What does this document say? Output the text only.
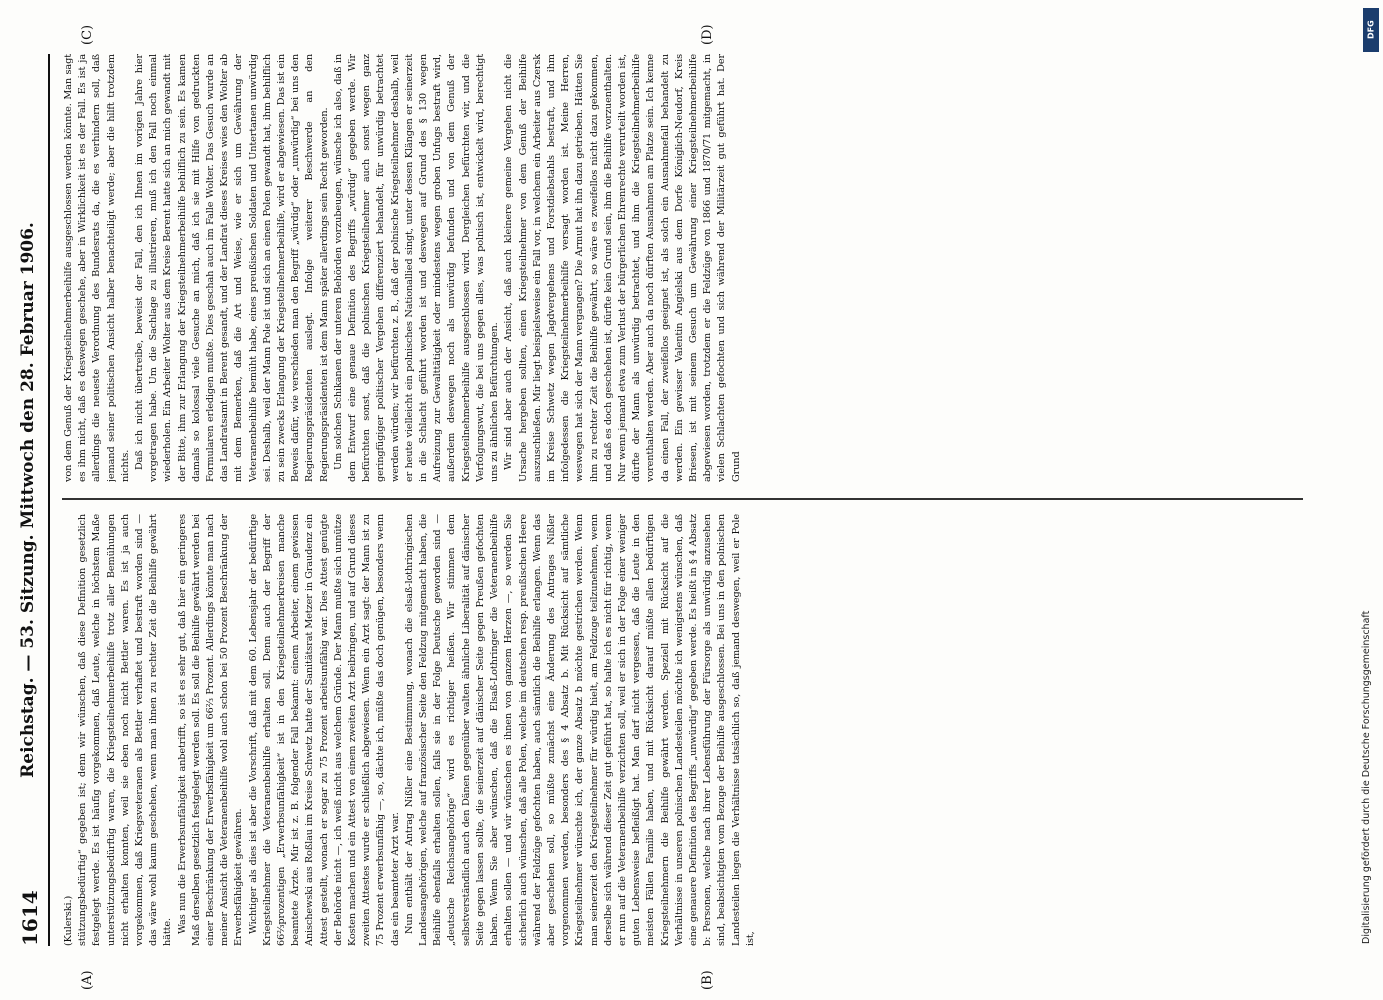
1614
Reichstag. — 53. Sitzung. Mittwoch den 28. Februar 1906.
(A)	(B)
(C)	(D)

(Kulerski.) stützungsbedürftig“ gegeben ist; denn wir wünschen, daß diese Definition gesetzlich festgelegt werde. Es ist häufig vorgekommen, daß Leute, welche in höchstem Maße unterstützungsbedürftig waren, die Kriegsteilnehmerbeihilfe trotz aller Bemühungen nicht erhalten konnten, weil sie eben noch nicht Bettler waren. Es ist ja auch vorgekommen, daß Kriegsveteranen als Bettler verhaftet und bestraft worden sind — das wäre wohl kaum geschehen, wenn man ihnen zu rechter Zeit die Beihilfe gewährt hätte. Was nun die Erwerbsunfähigkeit anbetrifft, so ist es sehr gut, daß hier ein geringeres Maß derselben gesetzlich festgelegt werden soll. Es soll die Beihilfe gewährt werden bei einer Beschränkung der Erwerbsfähigkeit um 66⅔ Prozent. Allerdings könnte man nach meiner Ansicht die Veteranenbeihilfe wohl auch schon bei 50 Prozent Beschränkung der Erwerbsfähigkeit gewähren. Wichtiger als dies ist aber die Vorschrift, daß mit dem 60. Lebensjahr der bedürftige Kriegsteilnehmer die Veteranenbeihilfe erhalten soll. Denn auch der Begriff der 66⅔prozentigen „Erwerbsunfähigkeit“ ist in den Kriegsteilnehmerkreisen manche beamtete Ärzte. Mir ist z. B. folgender Fall bekannt: einem Arbeiter, einem gewissen Anischewski aus Roßlau im Kreise Schwetz hatte der Sanitätsrat Metzer in Graudenz ein Attest gestellt, wonach er sogar zu 75 Prozent arbeitsunfähig war. Dies Attest genügte der Behörde nicht —, ich weiß nicht aus welchem Gründe. Der Mann mußte sich unnütze Kosten machen und ein Attest von einem zweiten Arzt beibringen, und auf Grund dieses zweiten Attestes wurde er schließlich abgewiesen. Wenn ein Arzt sagt: der Mann ist zu 75 Prozent erwerbsunfähig —, so, dächte ich, müßte das doch genügen, besonders wenn das ein beamteter Arzt war. Nun enthält der Antrag Nißler eine Bestimmung, wonach die elsaß-lothringischen Landesangehörigen, welche auf französischer Seite den Feldzug mitgemacht haben, die Beihilfe ebenfalls erhalten sollen, falls sie in der Folge Deutsche geworden sind — „deutsche Reichsangehörige“ wird es richtiger heißen. Wir stimmen dem selbstverständlich auch den Dänen gegenüber walten ähnliche Liberalität auf dänischer Seite gegen lassen sollte, die seinerzeit auf dänischer Seite gegen Preußen gefochten haben. Wenn Sie aber wünschen, daß die Elsaß-Lothringer die Veteranenbeihilfe erhalten sollen — und wir wünschen es ihnen von ganzem Herzen —, so werden Sie sicherlich auch wünschen, daß alle Polen, welche im deutschen resp. preußischen Heere während der Feldzüge gefochten haben, auch sämtlich die Beihilfe erlangen. Wenn das aber geschehen soll, so müßte zunächst eine Änderung des Antrages Nißler vorgenommen werden, besonders des § 4 Absatz b. Mit Rücksicht auf sämtliche Kriegsteilnehmer wünschte ich, der ganze Absatz b möchte gestrichen werden. Wenn man seinerzeit den Kriegsteilnehmer für würdig hielt, am Feldzuge teilzunehmen, wenn derselbe sich während dieser Zeit gut geführt hat, so halte ich es nicht für richtig, wenn er nun auf die Veteranenbeihilfe verzichten soll, weil er sich in der Folge einer weniger guten Lebensweise befleißigt hat. Man darf nicht vergessen, daß die Leute in den meisten Fällen Familie haben, und mit Rücksicht darauf müßte allen bedürftigen Kriegsteilnehmern die Beihilfe gewährt werden. Speziell mit Rücksicht auf die Verhältnisse in unseren polnischen Landesteilen möchte ich wenigstens wünschen, daß eine genauere Definition des Begriffs „unwürdig“ gegeben werde. Es heißt in § 4 Absatz b: Personen, welche nach ihrer Lebensführung der Fürsorge als unwürdig anzusehen sind, beabsichtigten vom Bezuge der Beihilfe ausgeschlossen. Bei uns in den polnischen Landesteilen liegen die Verhältnisse tatsächlich so, daß jemand deswegen, weil er Pole ist,

von dem Genuß der Kriegsteilnehmerbeihilfe ausgeschlossen werden könnte. Man sagt es ihm nicht, daß es deswegen geschehe, aber in Wirklichkeit ist es der Fall. Es ist ja allerdings die neueste Verordnung des Bundesrats da, die es verhindern soll, daß jemand seiner politischen Ansicht halber benachteiligt werde; aber die hilft trotzdem nichts. Daß ich nicht übertreibe, beweist der Fall, den ich Ihnen im vorigen Jahre hier vorgetragen habe. Um die Sachlage zu illustrieren, muß ich den Fall noch einmal wiederholen. Ein Arbeiter Wolter aus dem Kreise Berent hatte sich an mich gewandt mit der Bitte, ihm zur Erlangung der Kriegsteilnehmerbeihilfe behilflich zu sein. Es kamen damals so kolossal viele Gesuche an mich, daß ich sie mit Hilfe von gedruckten Formularen erledigen mußte. Dies geschah auch im Falle Wolter. Das Gesuch wurde an das Landratsamt in Berent gesandt, und der Landrat dieses Kreises wies den Wolter ab mit dem Bemerken, daß die Art und Weise, wie er sich um Gewährung der Veteranenbeihilfe bemüht habe, eines preußischen Soldaten und Untertanen unwürdig sei. Deshalb, weil der Mann Pole ist und sich an einen Polen gewandt hat, ihm behilflich zu sein zwecks Erlangung der Kriegsteilnehmerbeihilfe, wird er abgewiesen. Das ist ein Beweis dafür, wie verschieden man den Begriff „würdig“ oder „unwürdig“ bei uns den Regierungspräsidenten auslegt. Infolge weiterer Beschwerde an den Regierungspräsidenten ist dem Mann später allerdings sein Recht geworden. Um solchen Schikanen der unteren Behörden vorzubeugen, wünsche ich also, daß in dem Entwurf eine genaue Definition des Begriffs „würdig“ gegeben werde. Wir befürchten sonst, daß die polnischen Kriegsteilnehmer auch sonst wegen ganz geringfügiger politischer Vergehen differenziert behandelt, für unwürdig betrachtet werden würden; wir befürchten z. B., daß der polnische Kriegsteilnehmer deshalb, weil er heute vielleicht ein polnisches Nationallied singt, unter dessen Klängen er seinerzeit in die Schlacht geführt worden ist und deswegen auf Grund des § 130 wegen Aufreizung zur Gewalttätigkeit oder mindestens wegen groben Unfugs bestraft wird, außerdem deswegen noch als unwürdig befunden und von dem Genuß der Kriegsteilnehmerbeihilfe ausgeschlossen wird. Dergleichen befürchten wir, und die Verfolgungswut, die bei uns gegen alles, was polnisch ist, entwickelt wird, berechtigt uns zu ähnlichen Befürchtungen. Wir sind aber auch der Ansicht, daß auch kleinere gemeine Vergehen nicht die Ursache hergeben sollten, einen Kriegsteilnehmer von dem Genuß der Beihilfe auszuschließen. Mir liegt beispielsweise ein Fall vor, in welchem ein Arbeiter aus Czersk im Kreise Schwetz wegen Jagdvergehens und Forstdiebstahls bestraft, und ihm infolgedessen die Kriegsteilnehmerbeihilfe versagt worden ist. Meine Herren, weswegen hat sich der Mann vergangen? Die Armut hat ihn dazu getrieben. Hätten Sie ihm zu rechter Zeit die Beihilfe gewährt, so wäre es zweifellos nicht dazu gekommen, und daß es doch geschehen ist, dürfte kein Grund sein, ihm die Beihilfe vorzuenthalten. Nur wenn jemand etwa zum Verlust der bürgerlichen Ehrenrechte verurteilt worden ist, dürfte der Mann als unwürdig betrachtet, und ihm die Kriegsteilnehmerbeihilfe vorenthalten werden. Aber auch da noch dürften Ausnahmen am Platze sein. Ich kenne da einen Fall, der zweifellos geeignet ist, als solch ein Ausnahmefall behandelt zu werden. Ein gewisser Valentin Angielski aus dem Dorfe Königlich-Neudorf, Kreis Briesen, ist mit seinem Gesuch um Gewährung einer Kriegsteilnehmerbeihilfe abgewiesen worden, trotzdem er die Feldzüge von 1866 und 1870/71 mitgemacht, in vielen Schlachten gefochten und sich während der Militärzeit gut geführt hat. Der Grund

DFG
Digitalisierung gefördert durch die Deutsche Forschungsgemeinschaft
